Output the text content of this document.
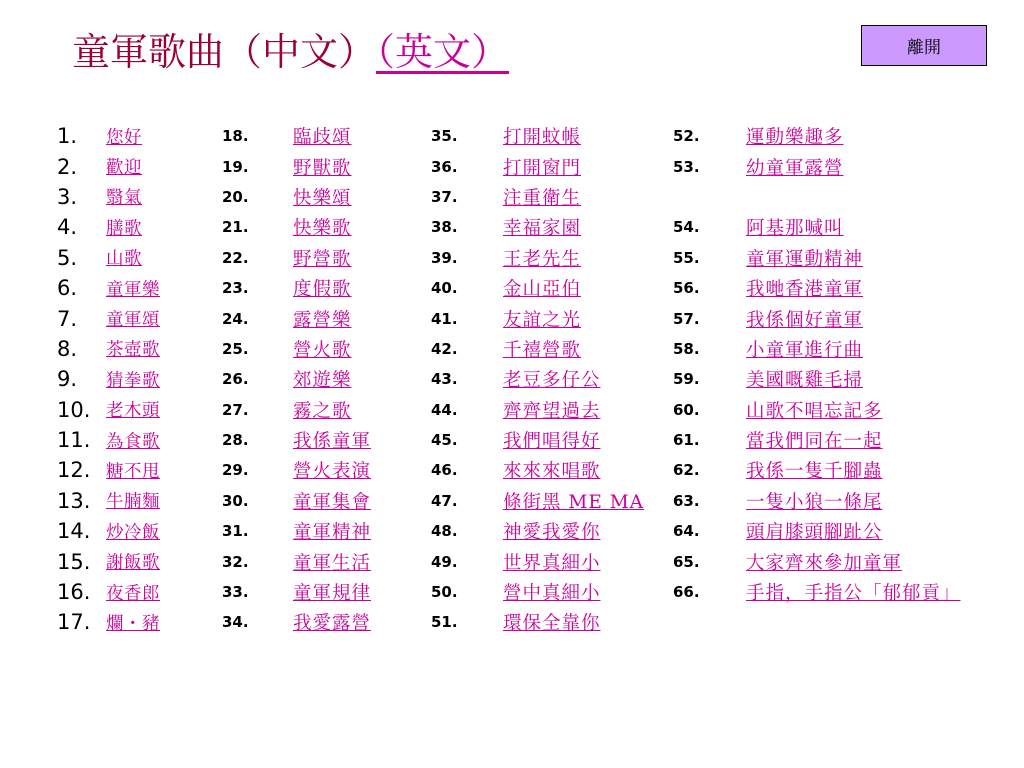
童軍歌曲（中文）（英文）	離開
1.	您好
2.	歡迎
3.	翳氣
4.	膳歌
5.	山歌
6.	童軍樂
7.	童軍頌
8.	茶壺歌
9.	猜拳歌
10. 老木頭
11. 為食歌
12. 糖不甩
13. 牛腩麵
14. 炒冷飯
15. 謝飯歌
16. 夜香郎
17. 爛・豬
18.	臨歧頌
19.	野獸歌
20.	快樂頌
21.	快樂歌
22.	野營歌
23.	度假歌
24.	露營樂
25.	營火歌
26.	郊遊樂
27.	霧之歌
28.	我係童軍
29.	營火表演
30.	童軍集會
31.	童軍精神
32.	童軍生活
33.	童軍規律
34.	我愛露營
35.	打開蚊帳
36.	打開窗門
37.	注重衛生
38.	幸福家園
39.	王老先生
40.	金山亞伯
41.	友誼之光
42.	千禧營歌
43.	老豆多仔公
44.	齊齊望過去
45.	我們唱得好
46.	來來來唱歌
47.	條街黑 ME MA
48.	神愛我愛你
49.	世界真細小
50.	營中真細小
51.	環保全靠你
52.	運動樂趣多
53.	幼童軍露營
54.	阿基那喊叫
55.	童軍運動精神
56.	我哋香港童軍
57.	我係個好童軍
58.	小童軍進行曲
59.	美國嘅雞毛掃
60.	山歌不唱忘記多
61.	當我們同在一起
62.	我係一隻千腳蟲
63.	一隻小狼一條尾
64.	頭肩膝頭腳趾公
65.	大家齊來參加童軍
66.	手指，手指公「郁郁貢」
